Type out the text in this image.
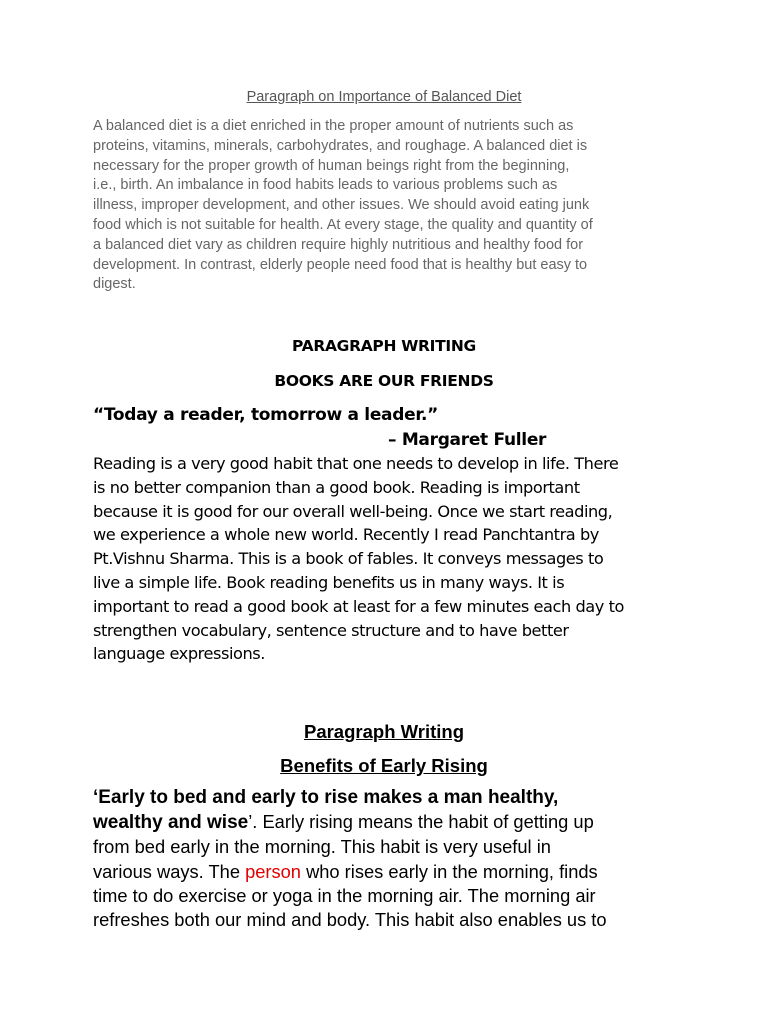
Paragraph on Importance of Balanced Diet

A balanced diet is a diet enriched in the proper amount of nutrients such as
proteins, vitamins, minerals, carbohydrates, and roughage. A balanced diet is
necessary for the proper growth of human beings right from the beginning,
i.e., birth. An imbalance in food habits leads to various problems such as
illness, improper development, and other issues. We should avoid eating junk
food which is not suitable for health. At every stage, the quality and quantity of
a balanced diet vary as children require highly nutritious and healthy food for
development. In contrast, elderly people need food that is healthy but easy to
digest.

PARAGRAPH WRITING

BOOKS ARE OUR FRIENDS

“Today a reader, tomorrow a leader.”

– Margaret Fuller

Reading is a very good habit that one needs to develop in life. There
is no better companion than a good book. Reading is important
because it is good for our overall well-being. Once we start reading,
we experience a whole new world. Recently I read Panchtantra by
Pt.Vishnu Sharma. This is a book of fables. It conveys messages to
live a simple life. Book reading benefits us in many ways. It is
important to read a good book at least for a few minutes each day to
strengthen vocabulary, sentence structure and to have better
language expressions.

Paragraph Writing

Benefits of Early Rising

‘Early to bed and early to rise makes a man healthy,
wealthy and wise’. Early rising means the habit of getting up
from bed early in the morning. This habit is very useful in
various ways. The person who rises early in the morning, finds
time to do exercise or yoga in the morning air. The morning air
refreshes both our mind and body. This habit also enables us to
